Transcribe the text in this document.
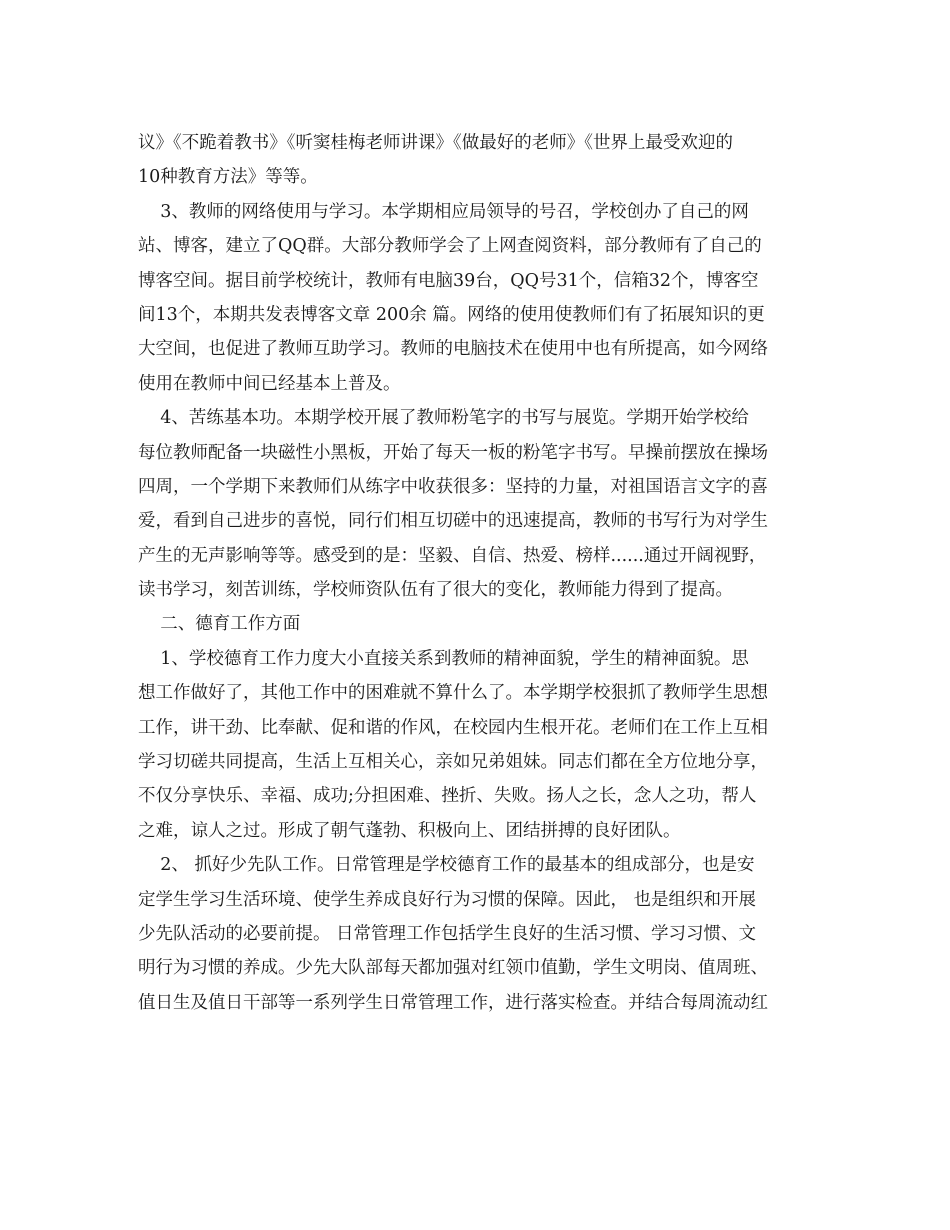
议》《不跪着教书》《听窦桂梅老师讲课》《做最好的老师》《世界上最受欢迎的

10种教育方法》等等。

3、教师的网络使用与学习。本学期相应局领导的号召，学校创办了自己的网

站、博客，建立了QQ群。大部分教师学会了上网查阅资料，部分教师有了自己的

博客空间。据目前学校统计，教师有电脑39台，QQ号31个，信箱32个，博客空

间13个，本期共发表博客文章 200余 篇。网络的使用使教师们有了拓展知识的更

大空间，也促进了教师互助学习。教师的电脑技术在使用中也有所提高，如今网络

使用在教师中间已经基本上普及。

4、苦练基本功。本期学校开展了教师粉笔字的书写与展览。学期开始学校给

每位教师配备一块磁性小黑板，开始了每天一板的粉笔字书写。早操前摆放在操场

四周，一个学期下来教师们从练字中收获很多：坚持的力量，对祖国语言文字的喜

爱，看到自己进步的喜悦，同行们相互切磋中的迅速提高，教师的书写行为对学生

产生的无声影响等等。感受到的是：坚毅、自信、热爱、榜样......通过开阔视野，

读书学习，刻苦训练，学校师资队伍有了很大的变化，教师能力得到了提高。

二、德育工作方面

1、学校德育工作力度大小直接关系到教师的精神面貌，学生的精神面貌。思

想工作做好了，其他工作中的困难就不算什么了。本学期学校狠抓了教师学生思想

工作，讲干劲、比奉献、促和谐的作风，在校园内生根开花。老师们在工作上互相

学习切磋共同提高，生活上互相关心，亲如兄弟姐妹。同志们都在全方位地分享，

不仅分享快乐、幸福、成功;分担困难、挫折、失败。扬人之长，念人之功，帮人

之难，谅人之过。形成了朝气蓬勃、积极向上、团结拼搏的良好团队。

2、 抓好少先队工作。日常管理是学校德育工作的最基本的组成部分，也是安

定学生学习生活环境、使学生养成良好行为习惯的保障。因此， 也是组织和开展

少先队活动的必要前提。 日常管理工作包括学生良好的生活习惯、学习习惯、文

明行为习惯的养成。少先大队部每天都加强对红领巾值勤，学生文明岗、值周班、

值日生及值日干部等一系列学生日常管理工作，进行落实检查。并结合每周流动红
